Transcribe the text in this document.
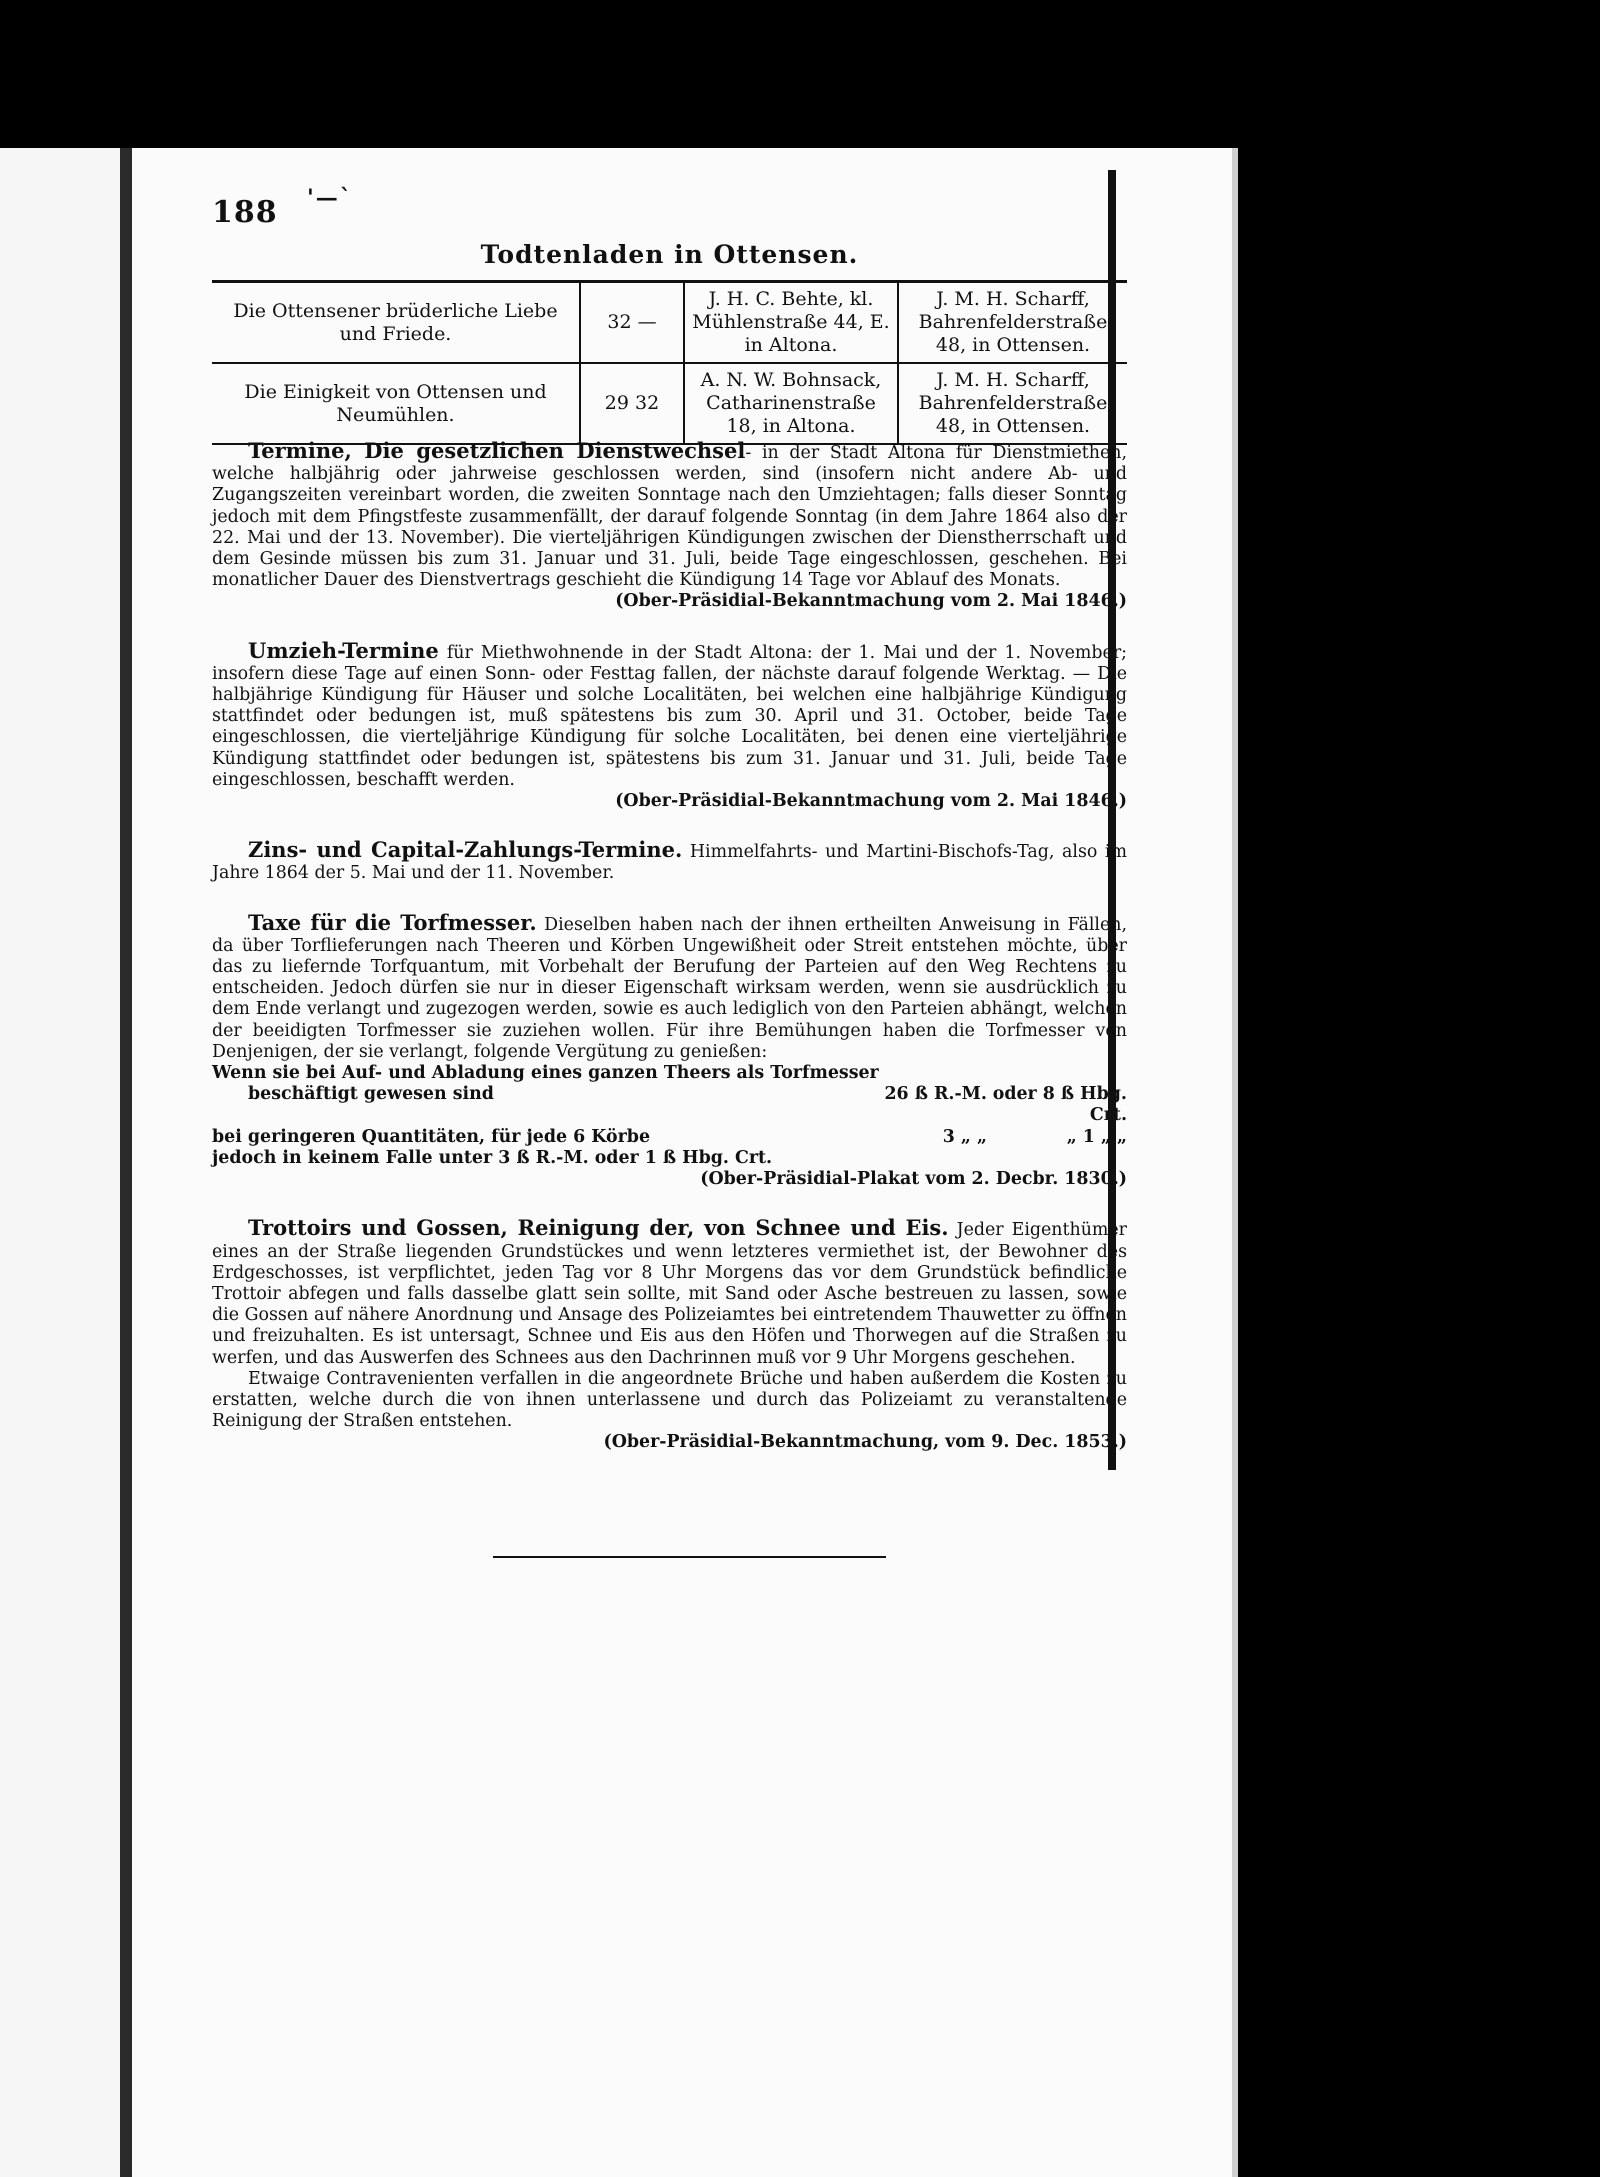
188 '—`
Todtenladen in Ottensen.
Die Ottensener brüderliche Liebe und Friede.	32 —	J. H. C. Behte, kl. Mühlenstraße 44, E. in Altona.	J. M. H. Scharff, Bahrenfelderstraße 48, in Ottensen.
Die Einigkeit von Ottensen und Neumühlen.	29 32	A. N. W. Bohnsack, Catharinenstraße 18, in Altona.	J. M. H. Scharff, Bahrenfelderstraße 48, in Ottensen.

Termine, Die gesetzlichen Dienstwechsel- in der Stadt Altona für Dienstmiethen, welche halbjährig oder jahrweise geschlossen werden, sind (insofern nicht andere Ab- und Zugangszeiten vereinbart worden, die zweiten Sonntage nach den Umziehtagen; falls dieser Sonntag jedoch mit dem Pfingstfeste zusammenfällt, der darauf folgende Sonntag (in dem Jahre 1864 also der 22. Mai und der 13. November). Die vierteljährigen Kündigungen zwischen der Dienstherrschaft und dem Gesinde müssen bis zum 31. Januar und 31. Juli, beide Tage eingeschlossen, geschehen. Bei monatlicher Dauer des Dienstvertrags geschieht die Kündigung 14 Tage vor Ablauf des Monats.

(Ober-Präsidial-Bekanntmachung vom 2. Mai 1846.)

Umzieh-Termine für Miethwohnende in der Stadt Altona: der 1. Mai und der 1. November; insofern diese Tage auf einen Sonn- oder Festtag fallen, der nächste darauf folgende Werktag. — Die halbjährige Kündigung für Häuser und solche Localitäten, bei welchen eine halbjährige Kündigung stattfindet oder bedungen ist, muß spätestens bis zum 30. April und 31. October, beide Tage eingeschlossen, die vierteljährige Kündigung für solche Localitäten, bei denen eine vierteljährige Kündigung stattfindet oder bedungen ist, spätestens bis zum 31. Januar und 31. Juli, beide Tage eingeschlossen, beschafft werden.

(Ober-Präsidial-Bekanntmachung vom 2. Mai 1846.)

Zins- und Capital-Zahlungs-Termine. Himmelfahrts- und Martini-Bischofs-Tag, also im Jahre 1864 der 5. Mai und der 11. November.

Taxe für die Torfmesser. Dieselben haben nach der ihnen ertheilten Anweisung in Fällen, da über Torflieferungen nach Theeren und Körben Ungewißheit oder Streit entstehen möchte, über das zu liefernde Torfquantum, mit Vorbehalt der Berufung der Parteien auf den Weg Rechtens zu entscheiden. Jedoch dürfen sie nur in dieser Eigenschaft wirksam werden, wenn sie ausdrücklich zu dem Ende verlangt und zugezogen werden, sowie es auch lediglich von den Parteien abhängt, welchen der beeidigten Torfmesser sie zuziehen wollen. Für ihre Bemühungen haben die Torfmesser von Denjenigen, der sie verlangt, folgende Vergütung zu genießen:

Wenn sie bei Auf- und Abladung eines ganzen Theers als Torfmesser

beschäftigt gewesen sind	26 ß R.-M.	oder 8 ß Hbg. Crt.
bei geringeren Quantitäten, für jede 6 Körbe	3 „ „	„ 1 „ „
jedoch in keinem Falle unter 3 ß R.-M. oder 1 ß Hbg. Crt.		

(Ober-Präsidial-Plakat vom 2. Decbr. 1830.)

Trottoirs und Gossen, Reinigung der, von Schnee und Eis. Jeder Eigenthümer eines an der Straße liegenden Grundstückes und wenn letzteres vermiethet ist, der Bewohner des Erdgeschosses, ist verpflichtet, jeden Tag vor 8 Uhr Morgens das vor dem Grundstück befindliche Trottoir abfegen und falls dasselbe glatt sein sollte, mit Sand oder Asche bestreuen zu lassen, sowie die Gossen auf nähere Anordnung und Ansage des Polizeiamtes bei eintretendem Thauwetter zu öffnen und freizuhalten. Es ist untersagt, Schnee und Eis aus den Höfen und Thorwegen auf die Straßen zu werfen, und das Auswerfen des Schnees aus den Dachrinnen muß vor 9 Uhr Morgens geschehen.

Etwaige Contravenienten verfallen in die angeordnete Brüche und haben außerdem die Kosten zu erstatten, welche durch die von ihnen unterlassene und durch das Polizeiamt zu veranstaltende Reinigung der Straßen entstehen.

(Ober-Präsidial-Bekanntmachung, vom 9. Dec. 1853.)
